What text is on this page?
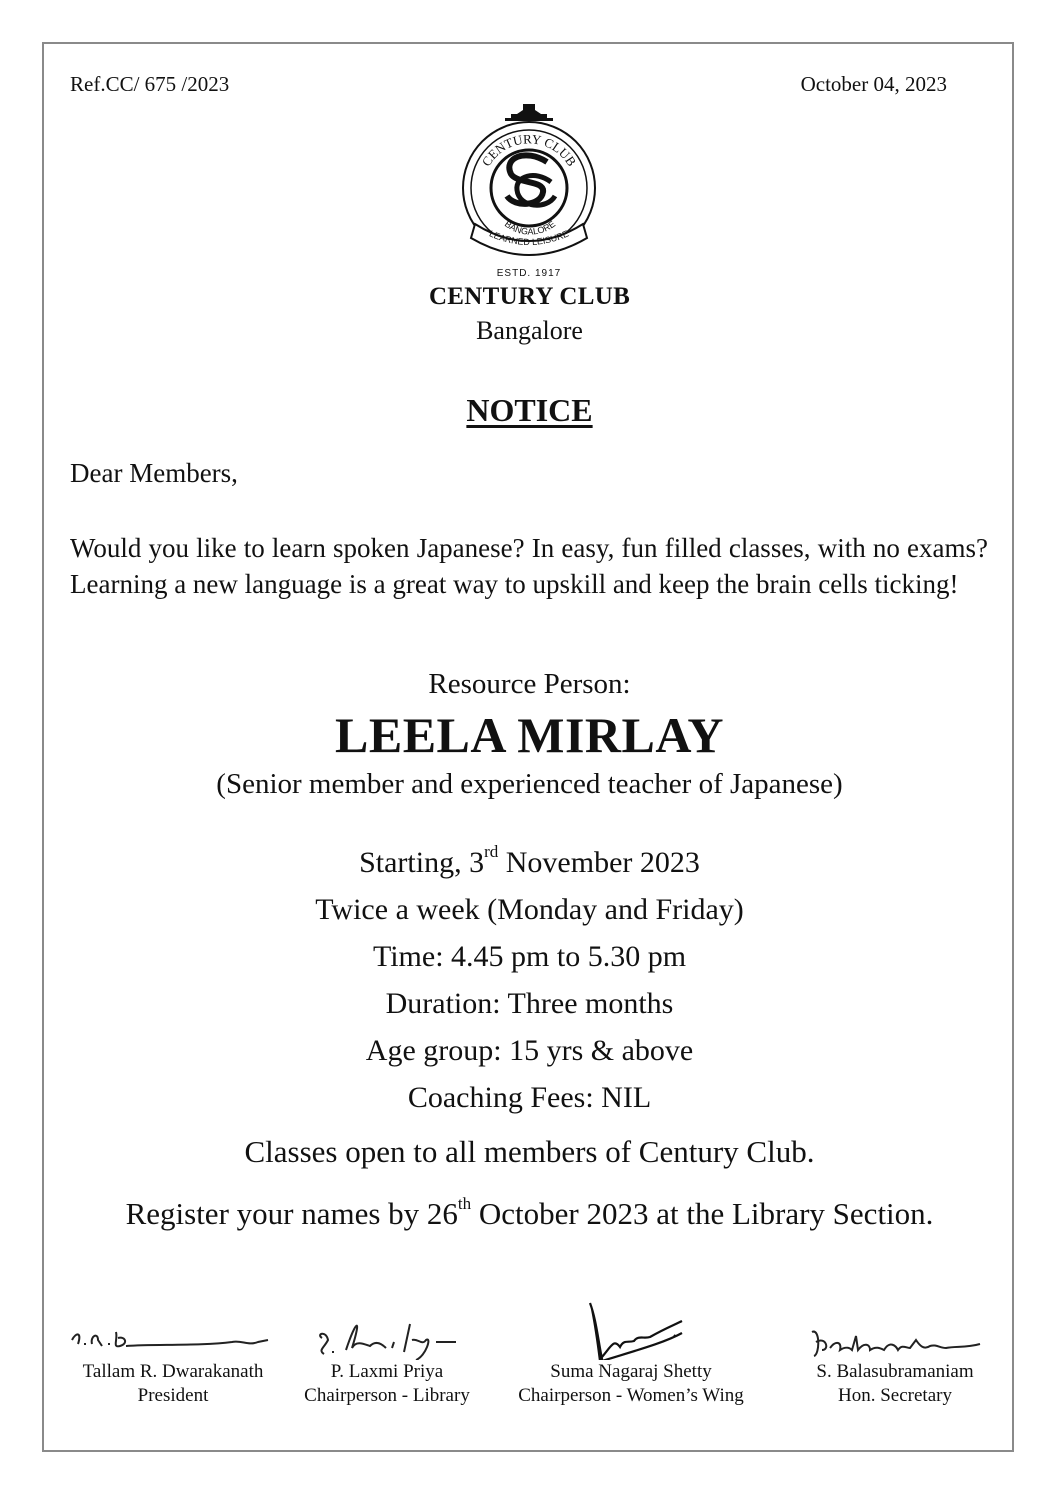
Ref.CC/ 675 /2023	October 04, 2023
CENTURY CLUB
BANGALORE
LEARNED LEISURE
ESTD. 1917
CENTURY CLUB
Bangalore
NOTICE
Dear Members,
Would you like to learn spoken Japanese? In easy, fun filled classes, with no exams? Learning a new language is a great way to upskill and keep the brain cells ticking!
Resource Person:
LEELA MIRLAY
(Senior member and experienced teacher of Japanese)
Starting, 3rd November 2023
Twice a week (Monday and Friday)
Time: 4.45 pm to 5.30 pm
Duration: Three months
Age group: 15 yrs & above
Coaching Fees: NIL
Classes open to all members of Century Club.
Register your names by 26th October 2023 at the Library Section.
Tallam R. Dwarakanath
President
P. Laxmi Priya
Chairperson - Library
Suma Nagaraj Shetty
Chairperson - Women’s Wing
S. Balasubramaniam
Hon. Secretary
